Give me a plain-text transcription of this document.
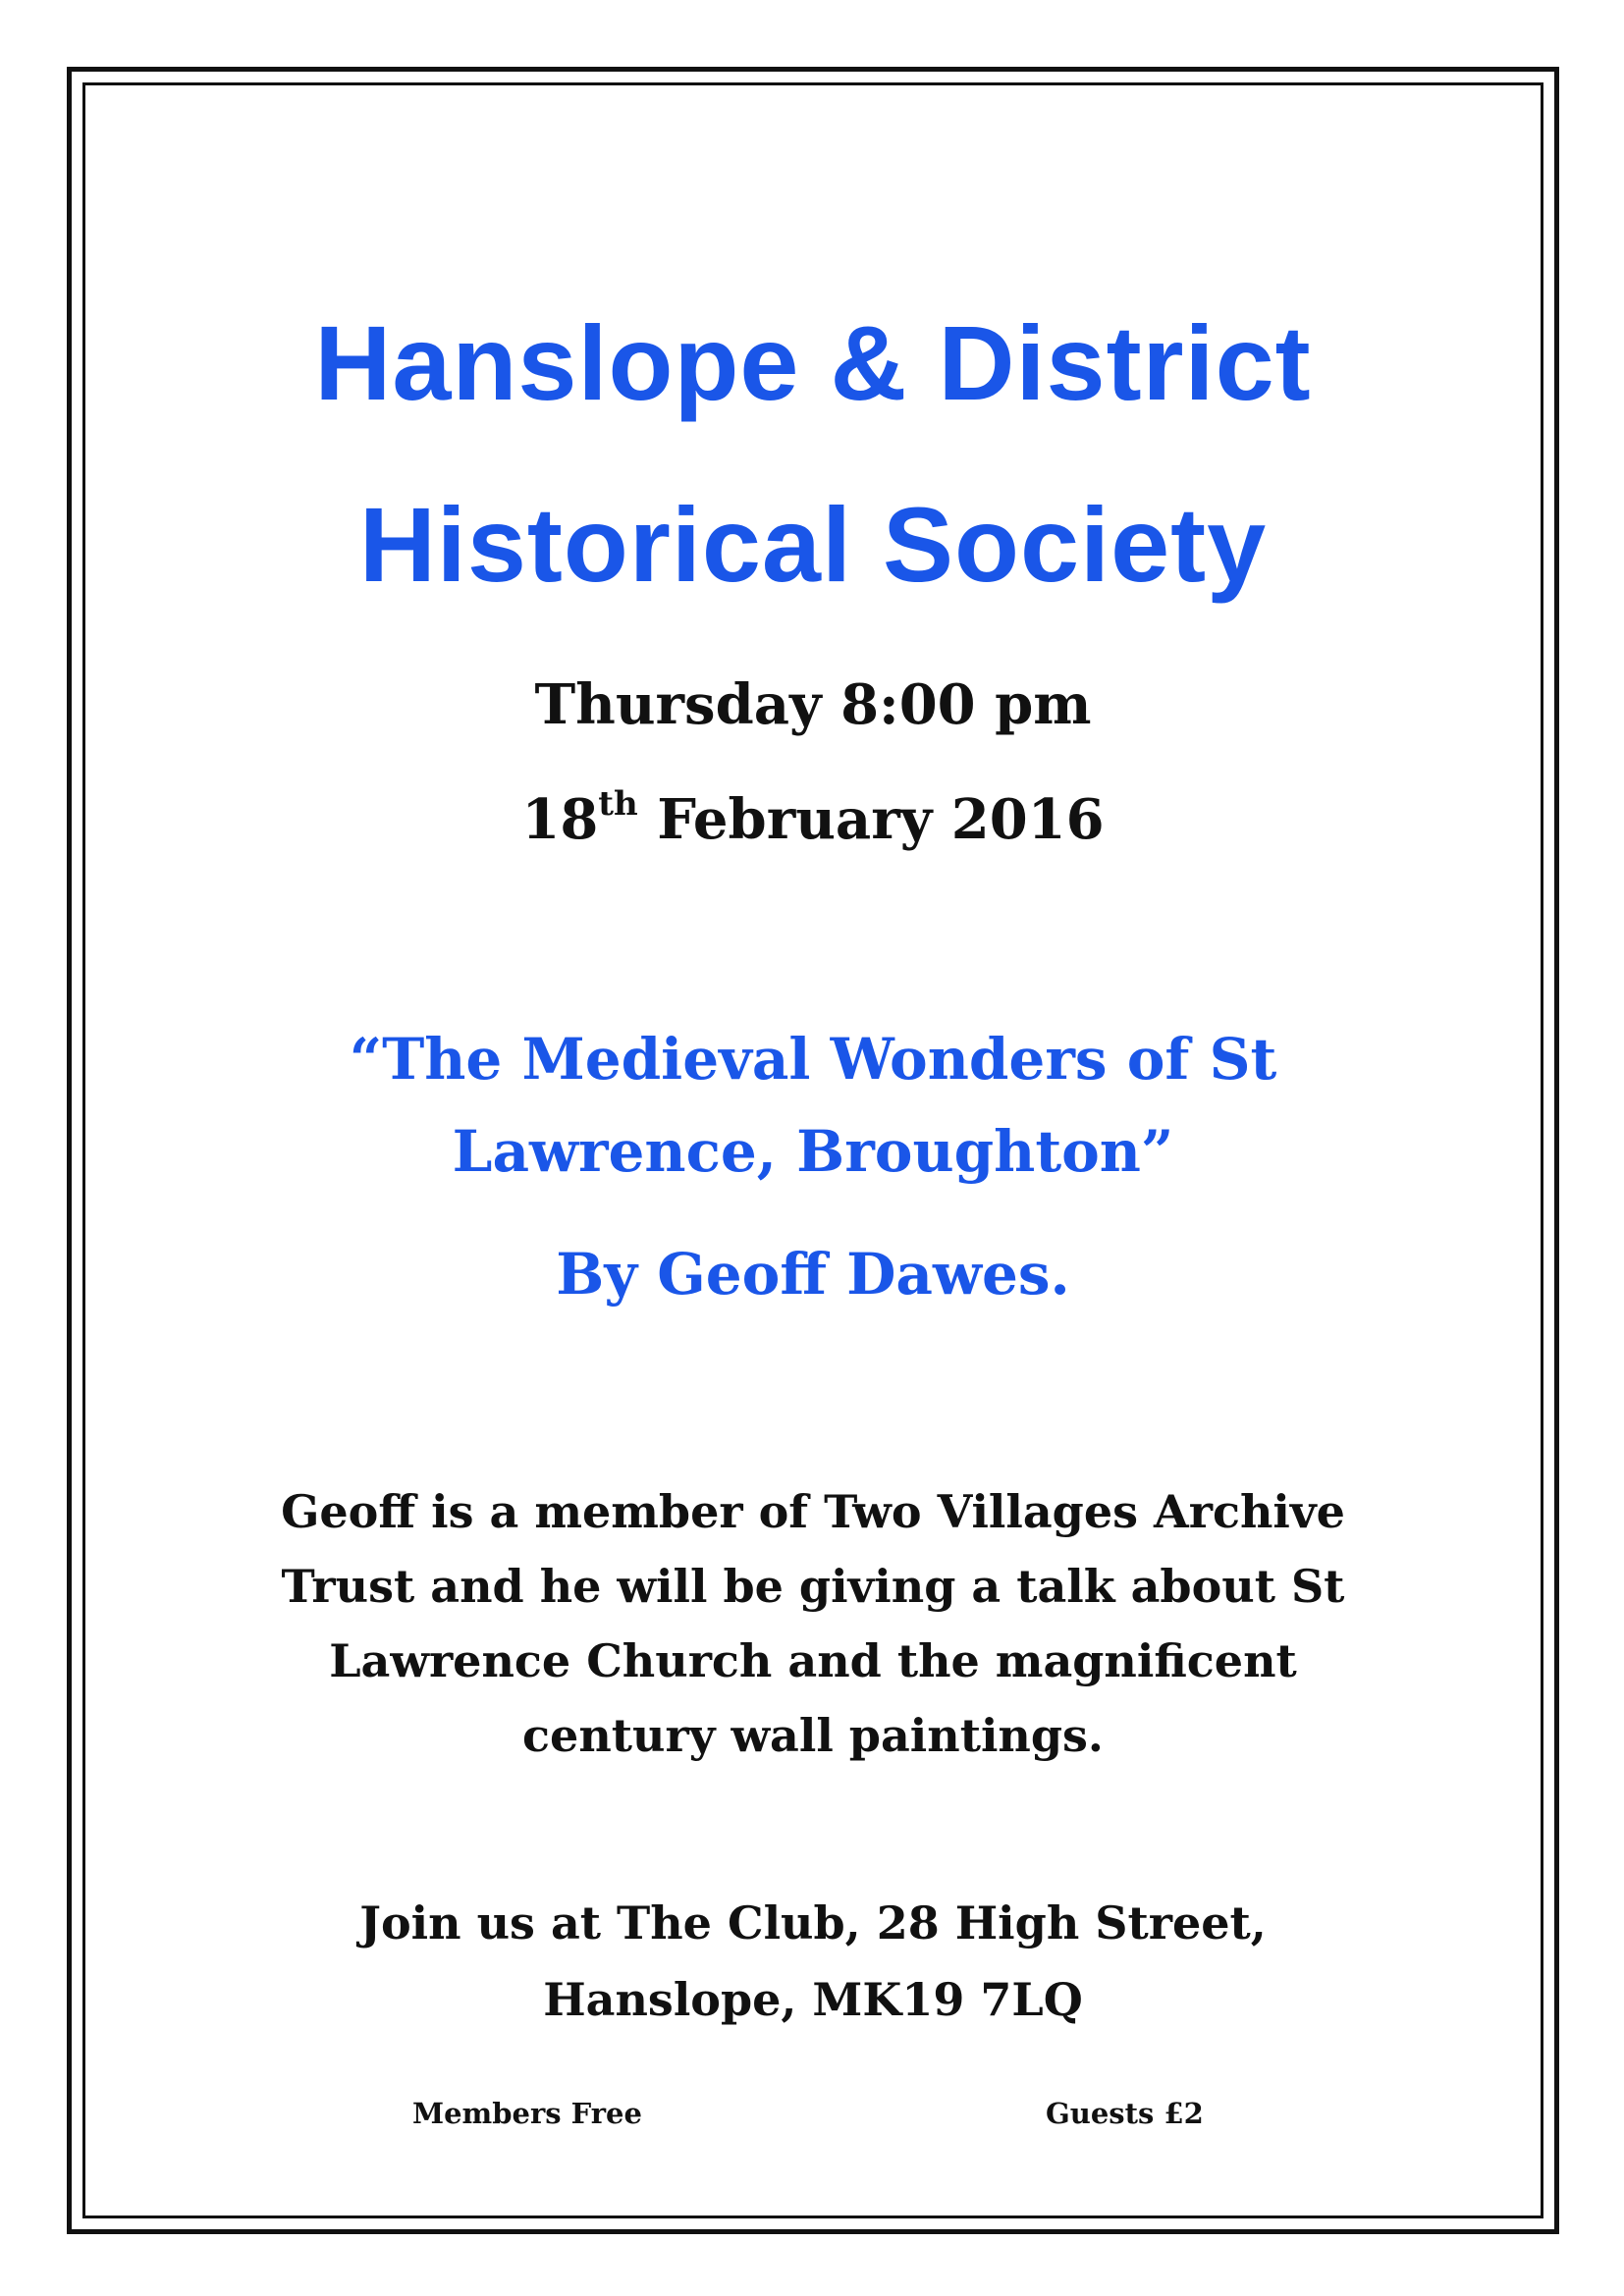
Hanslope & District
Historical Society

Thursday 8:00 pm

18th February 2016

“The Medieval Wonders of St

Lawrence, Broughton”

By Geoff Dawes.

Geoff is a member of Two Villages Archive
Trust and he will be giving a talk about St
Lawrence Church and the magnificent
century wall paintings.
Join us at The Club, 28 High Street,
Hanslope, MK19 7LQ

Members Free	Guests £2
